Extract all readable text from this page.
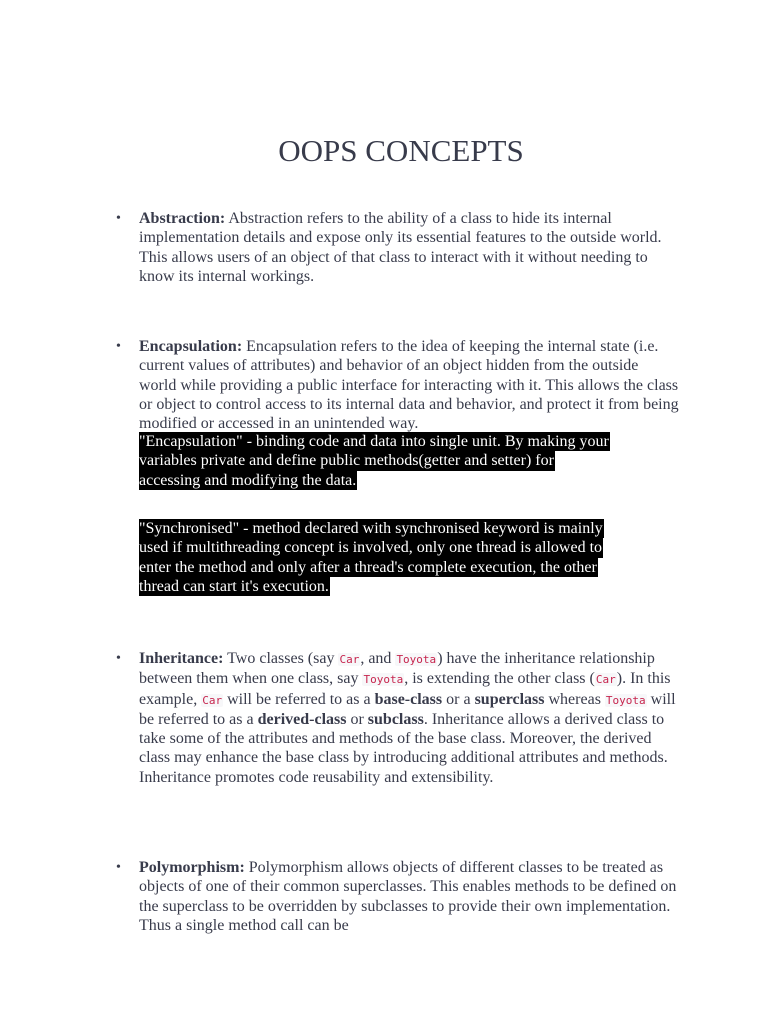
OOPS CONCEPTS
• Abstraction: Abstraction refers to the ability of a class to hide its internal implementation details and expose only its essential features to the outside world. This allows users of an object of that class to interact with it without needing to know its internal workings.

• Encapsulation: Encapsulation refers to the idea of keeping the internal state (i.e. current values of attributes) and behavior of an object hidden from the outside world while providing a public interface for interacting with it. This allows the class or object to control access to its internal data and behavior, and protect it from being modified or accessed in an unintended way.

"Encapsulation" - binding code and data into single unit. By making your
variables private and define public methods(getter and setter) for
accessing and modifying the data.
"Synchronised" - method declared with synchronised keyword is mainly
used if multithreading concept is involved, only one thread is allowed to
enter the method and only after a thread's complete execution, the other
thread can start it's execution.
• Inheritance: Two classes (say Car, and Toyota) have the inheritance relationship between them when one class, say Toyota, is extending the other class (Car). In this example, Car will be referred to as a base-class or a superclass whereas Toyota will be referred to as a derived-class or subclass. Inheritance allows a derived class to take some of the attributes and methods of the base class. Moreover, the derived class may enhance the base class by introducing additional attributes and methods. Inheritance promotes code reusability and extensibility.

• Polymorphism: Polymorphism allows objects of different classes to be treated as objects of one of their common superclasses. This enables methods to be defined on the superclass to be overridden by subclasses to provide their own implementation. Thus a single method call can be
